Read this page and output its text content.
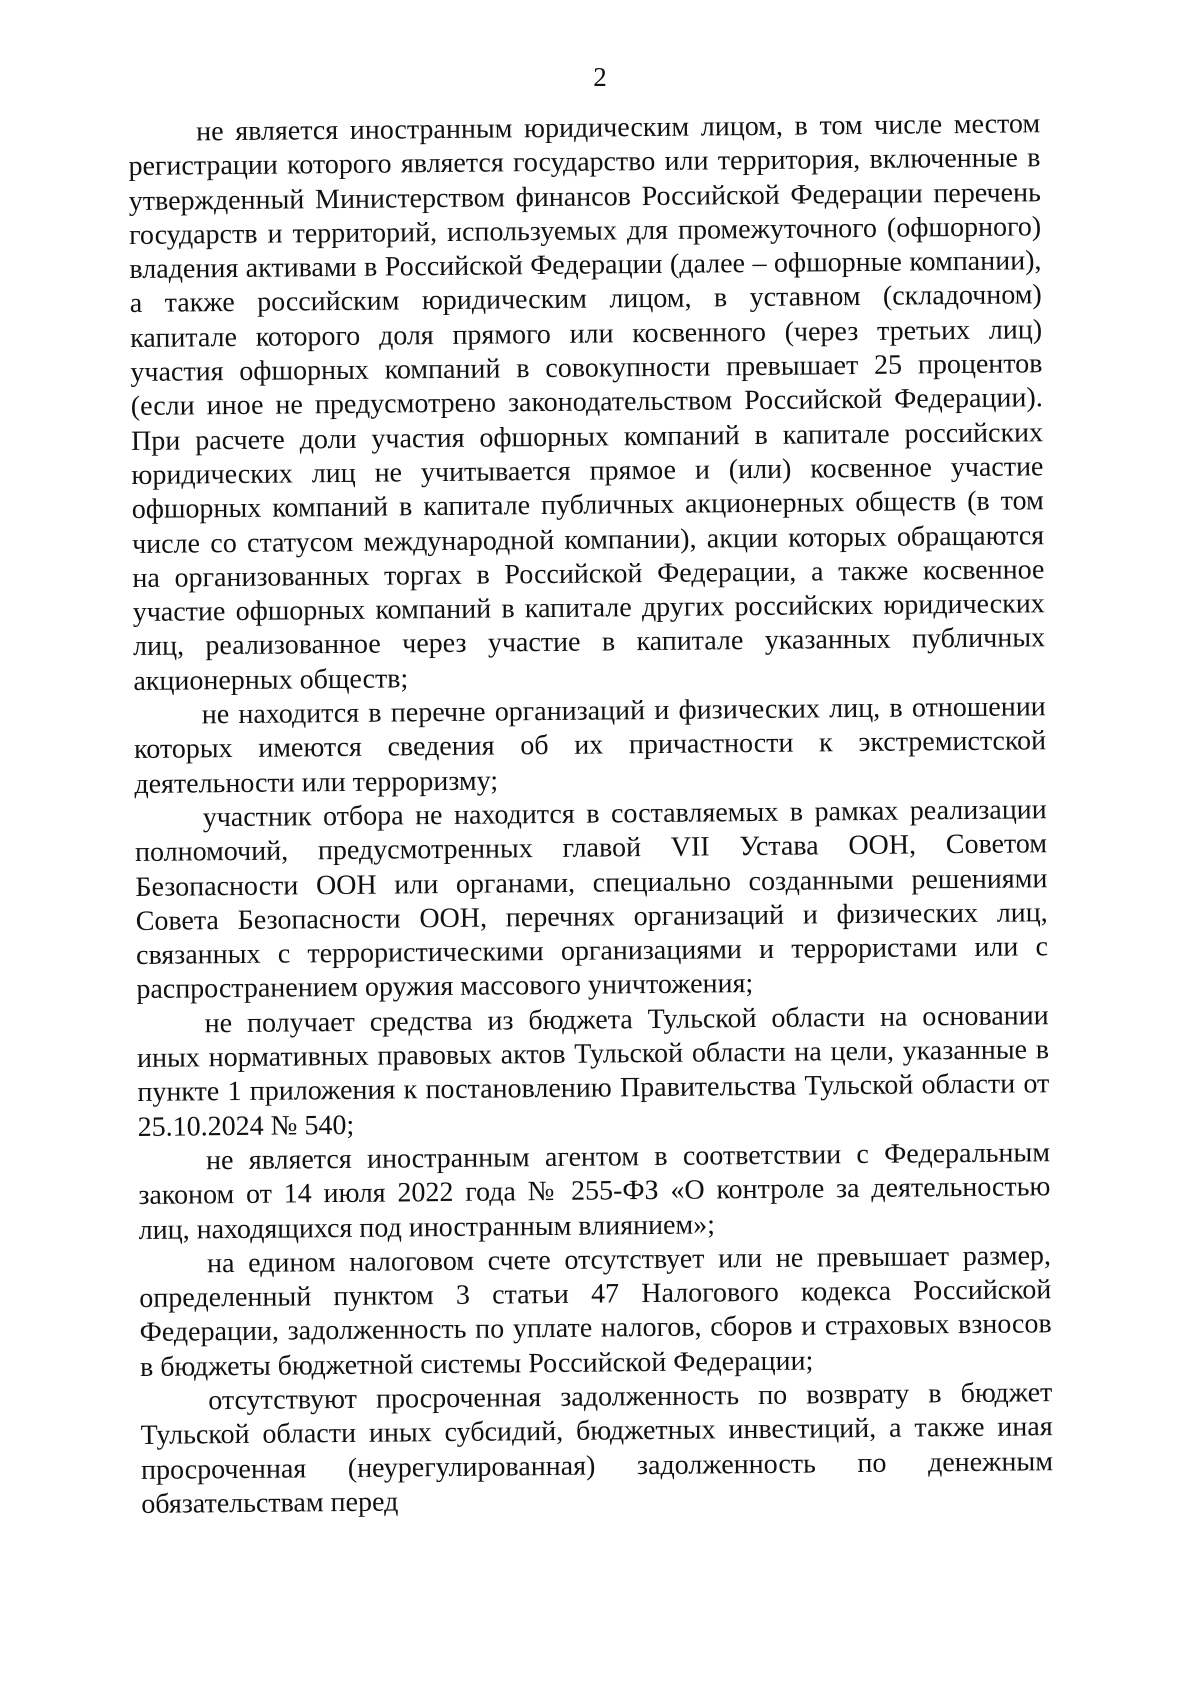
2

не является иностранным юридическим лицом, в том числе местом регистрации которого является государство или территория, включенные в утвержденный Министерством финансов Российской Федерации перечень государств и территорий, используемых для промежуточного (офшорного) владения активами в Российской Федерации (далее – офшорные компании), а также российским юридическим лицом, в уставном (складочном) капитале которого доля прямого или косвенного (через третьих лиц) участия офшорных компаний в совокупности превышает 25 процентов (если иное не предусмотрено законодательством Российской Федерации). При расчете доли участия офшорных компаний в капитале российских юридических лиц не учитывается прямое и (или) косвенное участие офшорных компаний в капитале публичных акционерных обществ (в том числе со статусом международной компании), акции которых обращаются на организованных торгах в Российской Федерации, а также косвенное участие офшорных компаний в капитале других российских юридических лиц, реализованное через участие в капитале указанных публичных акционерных обществ;

не находится в перечне организаций и физических лиц, в отношении которых имеются сведения об их причастности к экстремистской деятельности или терроризму;

участник отбора не находится в составляемых в рамках реализации полномочий, предусмотренных главой VII Устава ООН, Советом Безопасности ООН или органами, специально созданными решениями Совета Безопасности ООН, перечнях организаций и физических лиц, связанных с террористическими организациями и террористами или с распространением оружия массового уничтожения;

не получает средства из бюджета Тульской области на основании иных нормативных правовых актов Тульской области на цели, указанные в пункте 1 приложения к постановлению Правительства Тульской области от 25.10.2024 № 540;

не является иностранным агентом в соответствии с Федеральным законом от 14 июля 2022 года № 255-ФЗ «О контроле за деятельностью лиц, находящихся под иностранным влиянием»;

на едином налоговом счете отсутствует или не превышает размер, определенный пунктом 3 статьи 47 Налогового кодекса Российской Федерации, задолженность по уплате налогов, сборов и страховых взносов в бюджеты бюджетной системы Российской Федерации;

отсутствуют просроченная задолженность по возврату в бюджет Тульской области иных субсидий, бюджетных инвестиций, а также иная просроченная (неурегулированная) задолженность по денежным обязательствам перед
